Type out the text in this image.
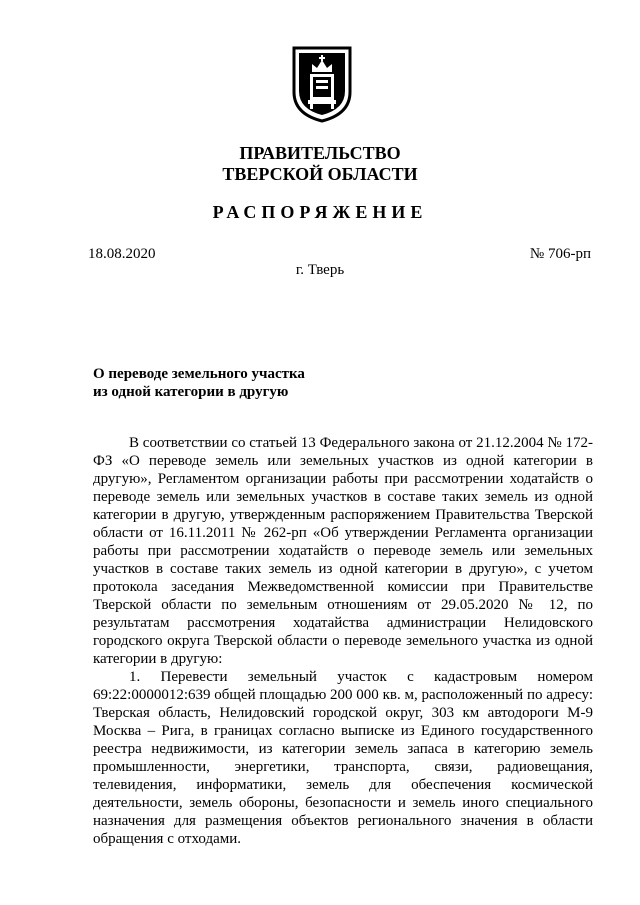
ПРАВИТЕЛЬСТВО
ТВЕРСКОЙ ОБЛАСТИ
РАСПОРЯЖЕНИЕ
18.08.2020	№ 706-рп
г. Тверь
О переводе земельного участка
из одной категории в другую

В соответствии со статьей 13 Федерального закона от 21.12.2004 № 172-ФЗ «О переводе земель или земельных участков из одной категории в другую», Регламентом организации работы при рассмотрении ходатайств о переводе земель или земельных участков в составе таких земель из одной категории в другую, утвержденным распоряжением Правительства Тверской области от 16.11.2011 № 262-рп «Об утверждении Регламента организации работы при рассмотрении ходатайств о переводе земель или земельных участков в составе таких земель из одной категории в другую», с учетом протокола заседания Межведомственной комиссии при Правительстве Тверской области по земельным отношениям от 29.05.2020 № 12, по результатам рассмотрения ходатайства администрации Нелидовского городского округа Тверской области о переводе земельного участка из одной категории в другую:

1. Перевести земельный участок с кадастровым номером 69:22:0000012:639 общей площадью 200 000 кв. м, расположенный по адресу: Тверская область, Нелидовский городской округ, 303 км автодороги М-9 Москва – Рига, в границах согласно выписке из Единого государственного реестра недвижимости, из категории земель запаса в категорию земель промышленности, энергетики, транспорта, связи, радиовещания, телевидения, информатики, земель для обеспечения космической деятельности, земель обороны, безопасности и земель иного специального назначения для размещения объектов регионального значения в области обращения с отходами.
